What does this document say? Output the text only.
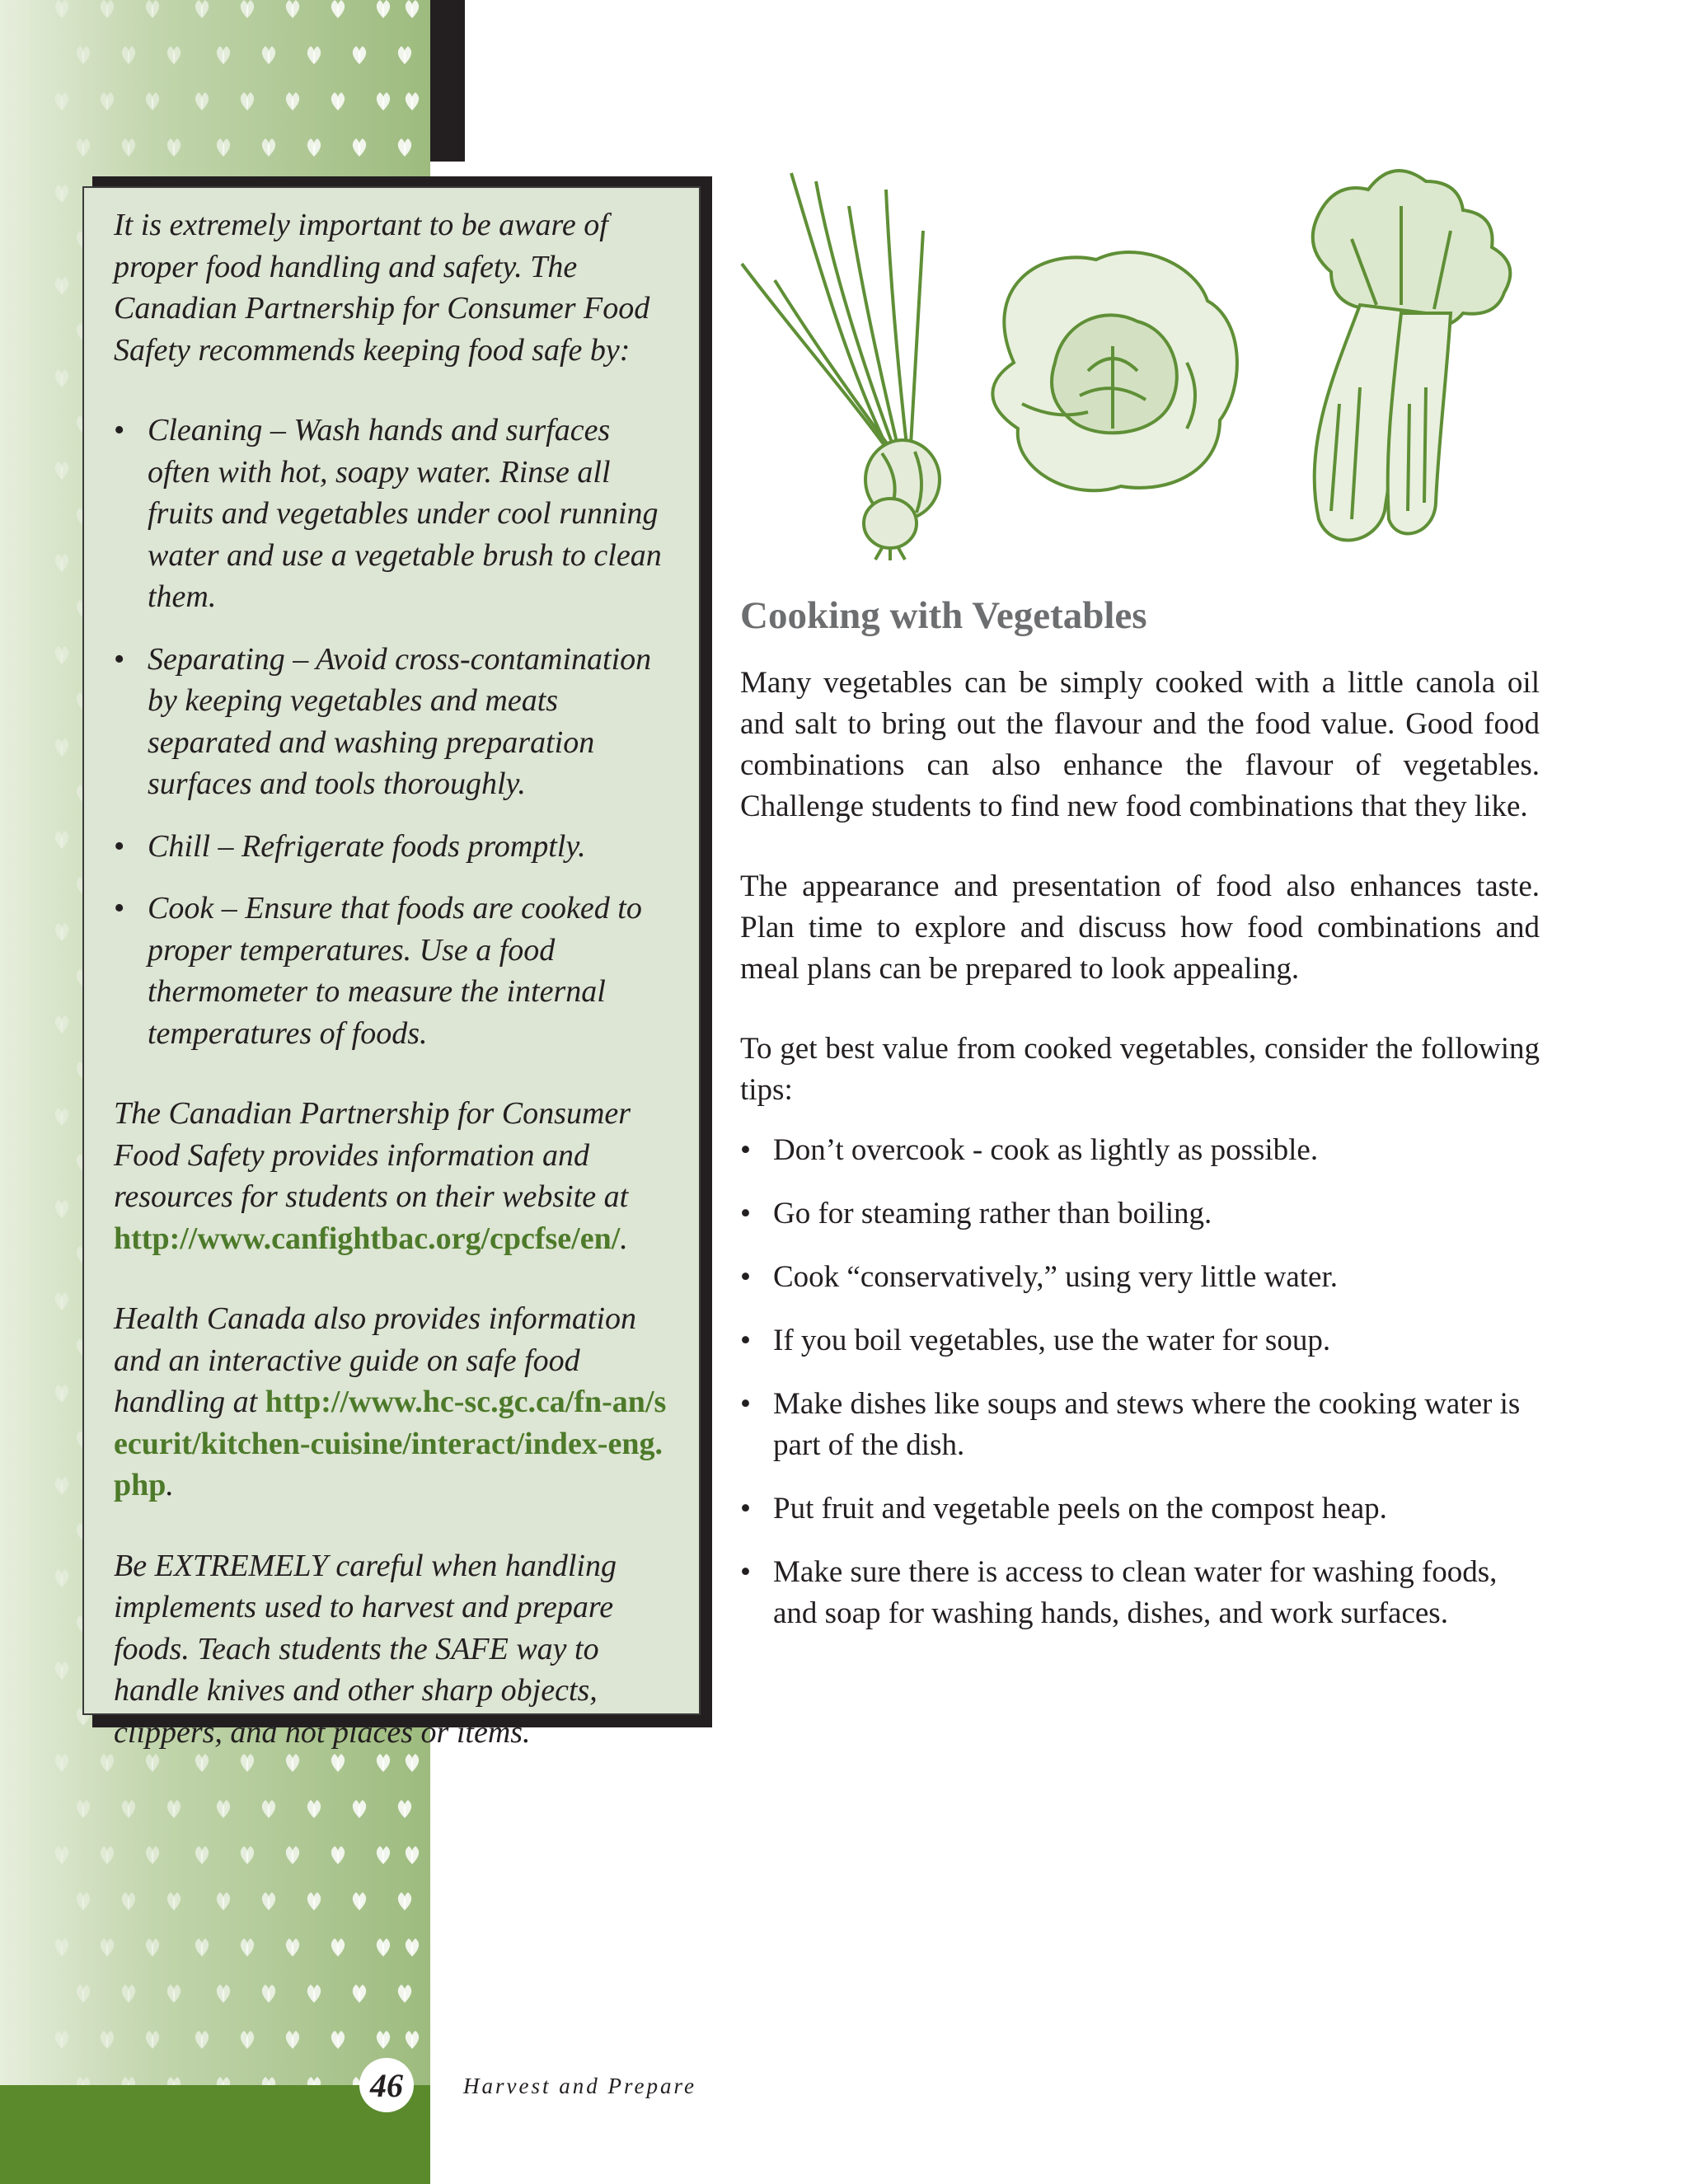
It is extremely important to be aware of proper food handling and safety. The Canadian Partnership for Consumer Food Safety recommends keeping food safe by:

• Cleaning – Wash hands and surfaces often with hot, soapy water. Rinse all fruits and vegetables under cool running water and use a vegetable brush to clean them.
• Separating – Avoid cross-contamination by keeping vegetables and meats separated and washing preparation surfaces and tools thoroughly.
• Chill – Refrigerate foods promptly.
• Cook – Ensure that foods are cooked to proper temperatures. Use a food thermometer to measure the internal temperatures of foods.

The Canadian Partnership for Consumer Food Safety provides information and resources for students on their website at http://www.canfightbac.org/cpcfse/en/.

Health Canada also provides information and an interactive guide on safe food handling at http://www.hc-sc.gc.ca/fn-an/securit/kitchen-cuisine/interact/index-eng.php.

Be EXTREMELY careful when handling implements used to harvest and prepare foods. Teach students the SAFE way to handle knives and other sharp objects, clippers, and hot places or items.

Cooking with Vegetables

Many vegetables can be simply cooked with a little canola oil and salt to bring out the flavour and the food value. Good food combinations can also enhance the flavour of vegetables. Challenge students to find new food combinations that they like.

The appearance and presentation of food also enhances taste. Plan time to explore and discuss how food combinations and meal plans can be prepared to look appealing.

To get best value from cooked vegetables, consider the following tips:

• Don’t overcook - cook as lightly as possible.
• Go for steaming rather than boiling.
• Cook “conservatively,” using very little water.
• If you boil vegetables, use the water for soup.
• Make dishes like soups and stews where the cooking water is part of the dish.
• Put fruit and vegetable peels on the compost heap.
• Make sure there is access to clean water for washing foods, and soap for washing hands, dishes, and work surfaces.
46	Harvest and Prepare
